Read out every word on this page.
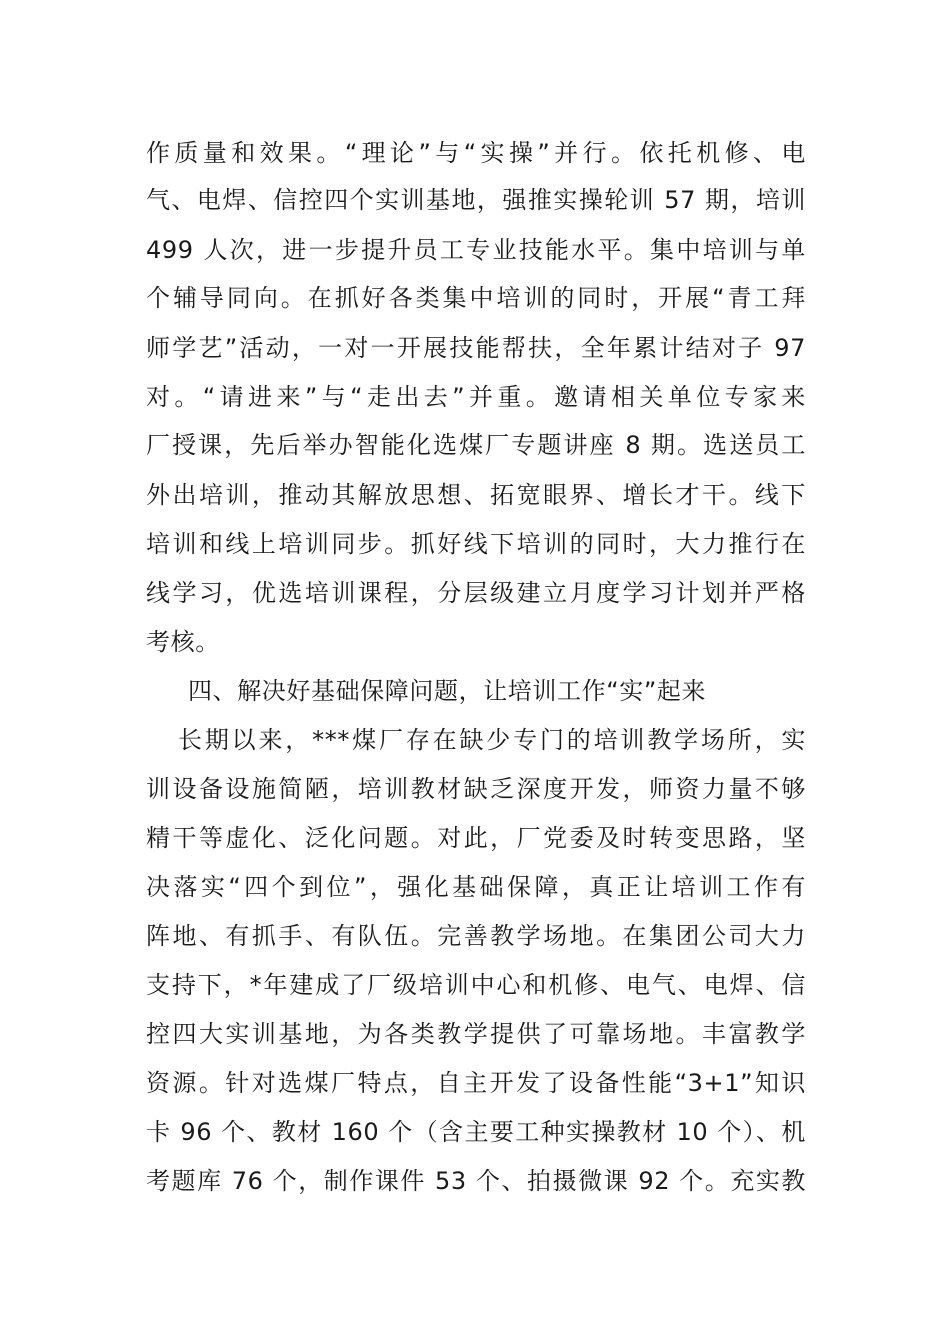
作质量和效果。“理论”与“实操”并行。依托机修、电
气、电焊、信控四个实训基地，强推实操轮训 57 期，培训
499 人次，进一步提升员工专业技能水平。集中培训与单
个辅导同向。在抓好各类集中培训的同时，开展“青工拜
师学艺”活动，一对一开展技能帮扶，全年累计结对子 97
对。“请进来”与“走出去”并重。邀请相关单位专家来
厂授课，先后举办智能化选煤厂专题讲座 8 期。选送员工
外出培训，推动其解放思想、拓宽眼界、增长才干。线下
培训和线上培训同步。抓好线下培训的同时，大力推行在
线学习，优选培训课程，分层级建立月度学习计划并严格
考核。
四、解决好基础保障问题，让培训工作“实”起来
长期以来，***煤厂存在缺少专门的培训教学场所，实
训设备设施简陋，培训教材缺乏深度开发，师资力量不够
精干等虚化、泛化问题。对此，厂党委及时转变思路，坚
决落实“四个到位”，强化基础保障，真正让培训工作有
阵地、有抓手、有队伍。完善教学场地。在集团公司大力
支持下，*年建成了厂级培训中心和机修、电气、电焊、信
控四大实训基地，为各类教学提供了可靠场地。丰富教学
资源。针对选煤厂特点，自主开发了设备性能“3+1”知识
卡 96 个、教材 160 个（含主要工种实操教材 10 个）、机
考题库 76 个，制作课件 53 个、拍摄微课 92 个。充实教
